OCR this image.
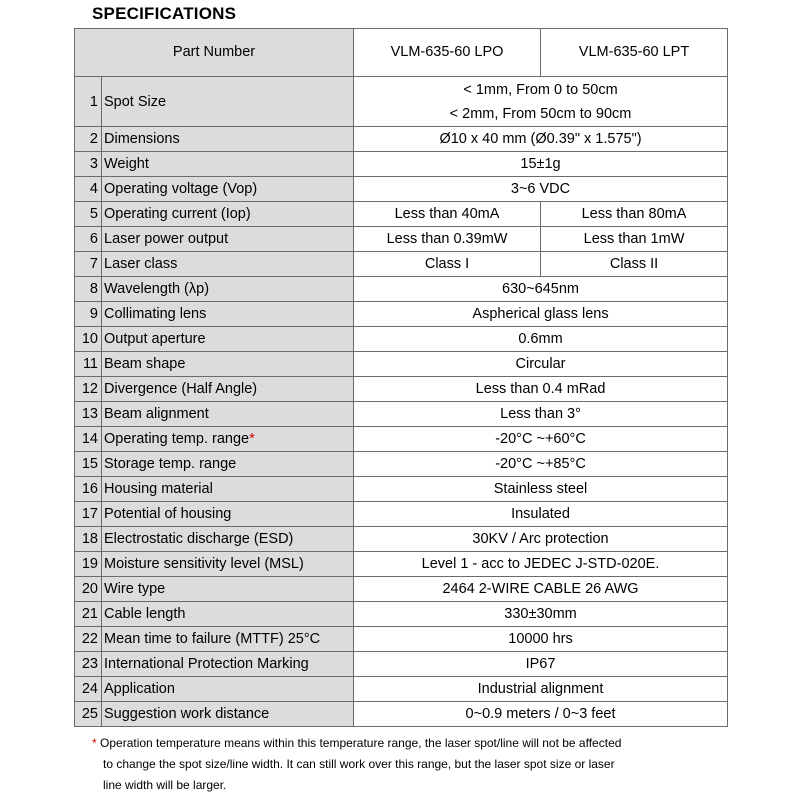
SPECIFICATIONS
Part Number		VLM-635-60 LPO	VLM-635-60 LPT
1	Spot Size	< 1mm, From 0 to 50cm
< 2mm, From 50cm to 90cm	

2	Dimensions	Ø10 x 40 mm (Ø0.39" x 1.575")	
3	Weight	15±1g	
4	Operating voltage (Vop)	3~6 VDC	
5	Operating current (Iop)	Less than 40mA	Less than 80mA
6	Laser power output	Less than 0.39mW	Less than 1mW
7	Laser class	Class I	Class II
8	Wavelength (λp)	630~645nm	
9	Collimating lens	Aspherical glass lens	
10	Output aperture	0.6mm	
11	Beam shape	Circular	
12	Divergence (Half Angle)	Less than 0.4 mRad	
13	Beam alignment	Less than 3°	
14	Operating temp. range*	-20°C ~+60°C	
15	Storage temp. range	-20°C ~+85°C	
16	Housing material	Stainless steel	
17	Potential of housing	Insulated	
18	Electrostatic discharge (ESD)	30KV / Arc protection	
19	Moisture sensitivity level (MSL)	Level 1 - acc to JEDEC J-STD-020E.	
20	Wire type	2464 2-WIRE CABLE 26 AWG	
21	Cable length	330±30mm	
22	Mean time to failure (MTTF) 25°C	10000 hrs	
23	International Protection Marking	IP67	
24	Application	Industrial alignment	
25	Suggestion work distance	0~0.9 meters / 0~3 feet	
* Operation temperature means within this temperature range, the laser spot/line will not be affected
to change the spot size/line width. It can still work over this range, but the laser spot size or laser
line width will be larger.
